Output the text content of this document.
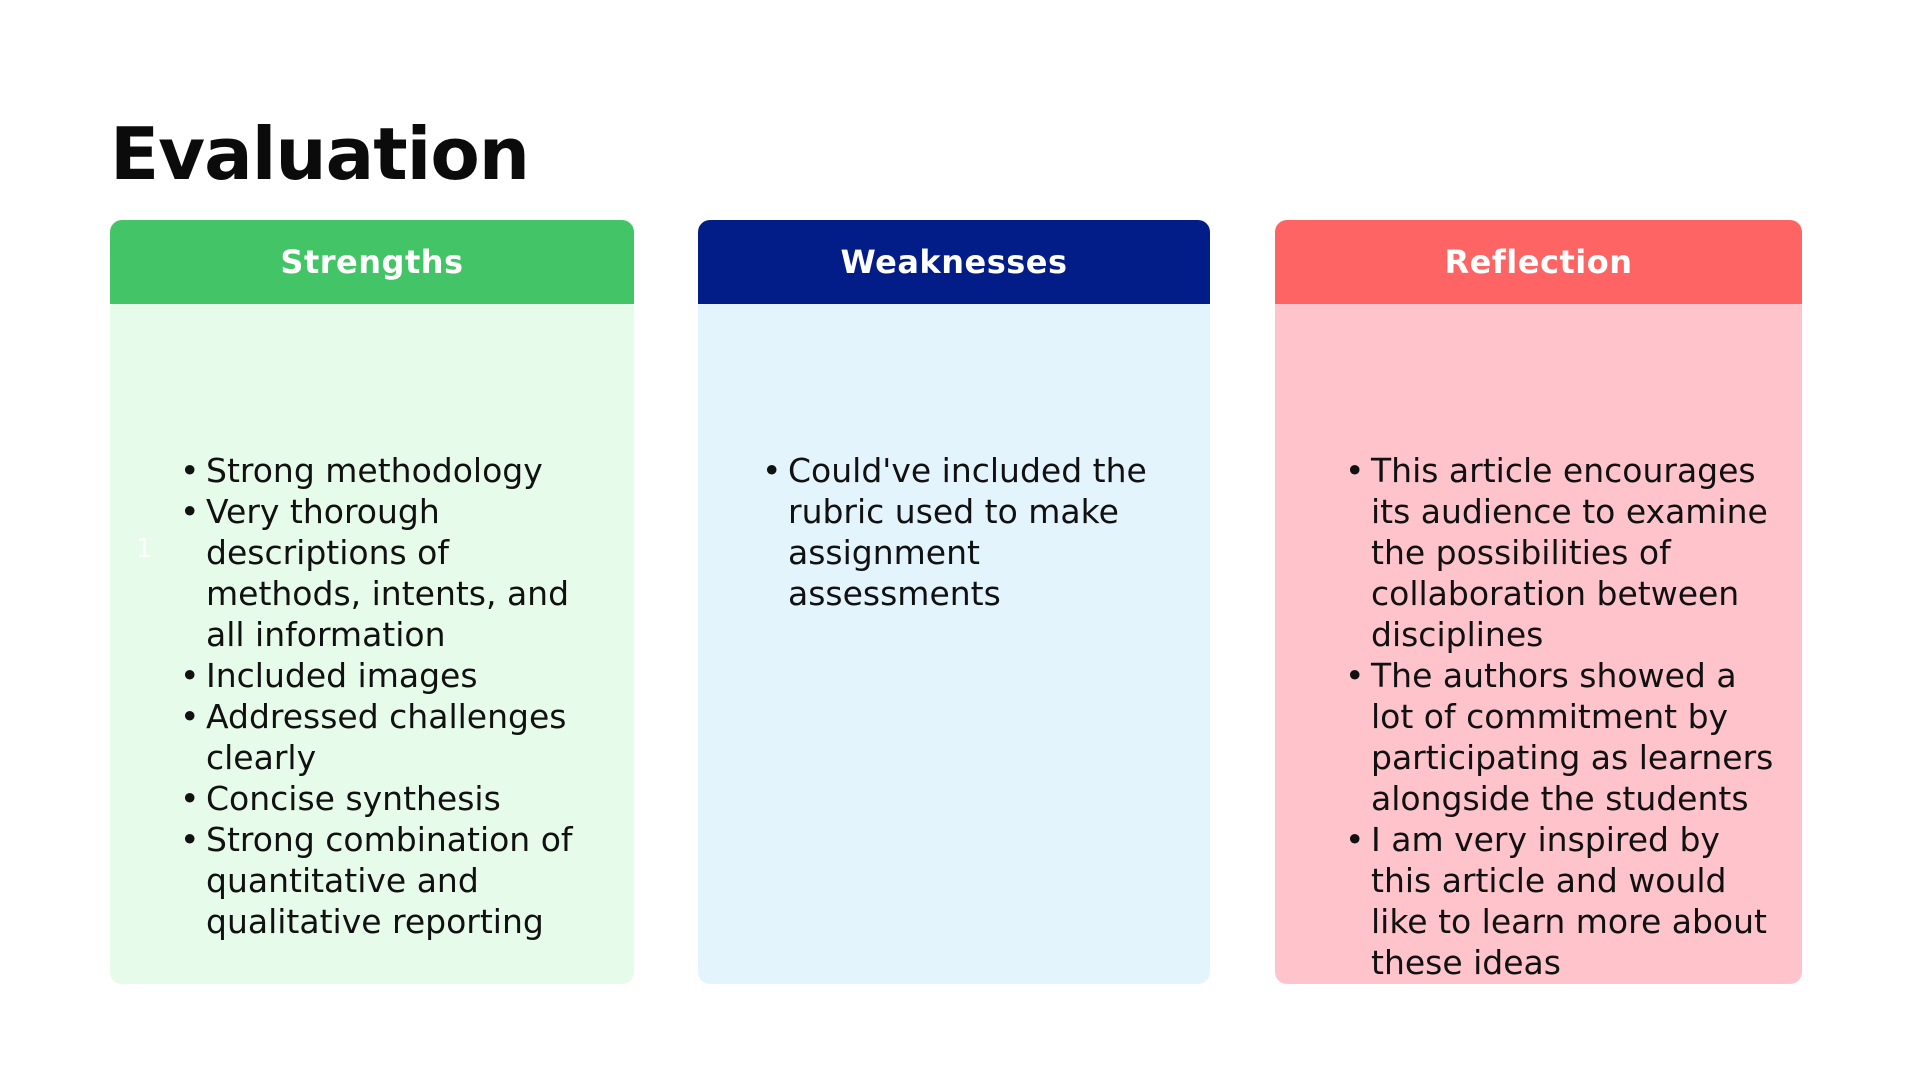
Evaluation
Strengths
1
• Strong methodology
• Very thorough descriptions of methods, intents, and all information
• Included images
• Addressed challenges clearly
• Concise synthesis
• Strong combination of quantitative and qualitative reporting
Weaknesses
• Could've included the rubric used to make assignment assessments
Reflection
• This article encourages its audience to examine the possibilities of collaboration between disciplines
• The authors showed a lot of commitment by participating as learners alongside the students
• I am very inspired by this article and would like to learn more about these ideas
